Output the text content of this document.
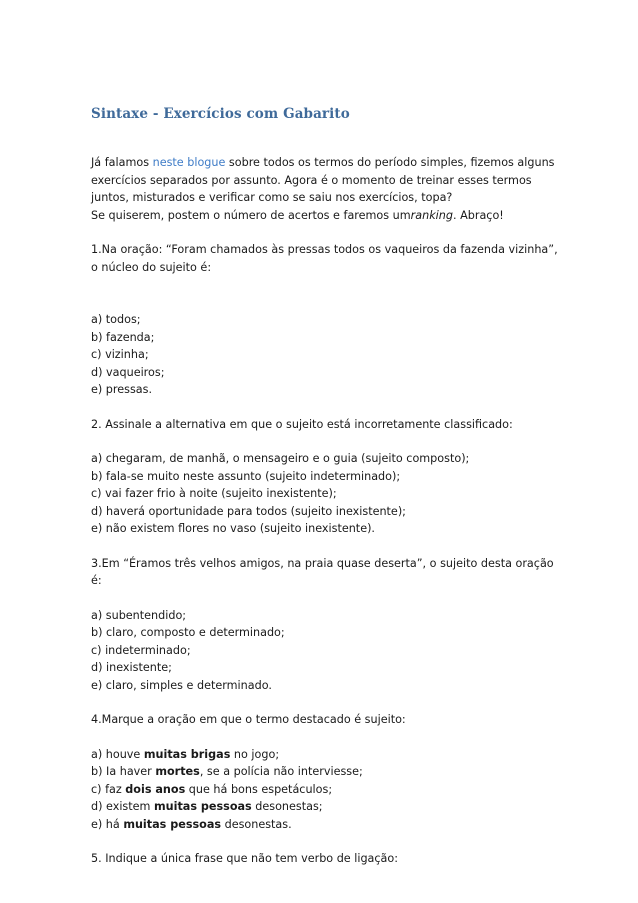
Sintaxe - Exercícios com Gabarito

Já falamos neste blogue sobre todos os termos do período simples, fizemos alguns
exercícios separados por assunto. Agora é o momento de treinar esses termos
juntos, misturados e verificar como se saiu nos exercícios, topa?
Se quiserem, postem o número de acertos e faremos umranking. Abraço!

1.Na oração: “Foram chamados às pressas todos os vaqueiros da fazenda vizinha”,
o núcleo do sujeito é:

a) todos;
b) fazenda;
c) vizinha;
d) vaqueiros;
e) pressas.

2. Assinale a alternativa em que o sujeito está incorretamente classificado:

a) chegaram, de manhã, o mensageiro e o guia (sujeito composto);
b) fala-se muito neste assunto (sujeito indeterminado);
c) vai fazer frio à noite (sujeito inexistente);
d) haverá oportunidade para todos (sujeito inexistente);
e) não existem flores no vaso (sujeito inexistente).

3.Em “Éramos três velhos amigos, na praia quase deserta”, o sujeito desta oração
é:

a) subentendido;
b) claro, composto e determinado;
c) indeterminado;
d) inexistente;
e) claro, simples e determinado.

4.Marque a oração em que o termo destacado é sujeito:

a) houve muitas brigas no jogo;
b) Ia haver mortes, se a polícia não interviesse;
c) faz dois anos que há bons espetáculos;
d) existem muitas pessoas desonestas;
e) há muitas pessoas desonestas.

5. Indique a única frase que não tem verbo de ligação:
